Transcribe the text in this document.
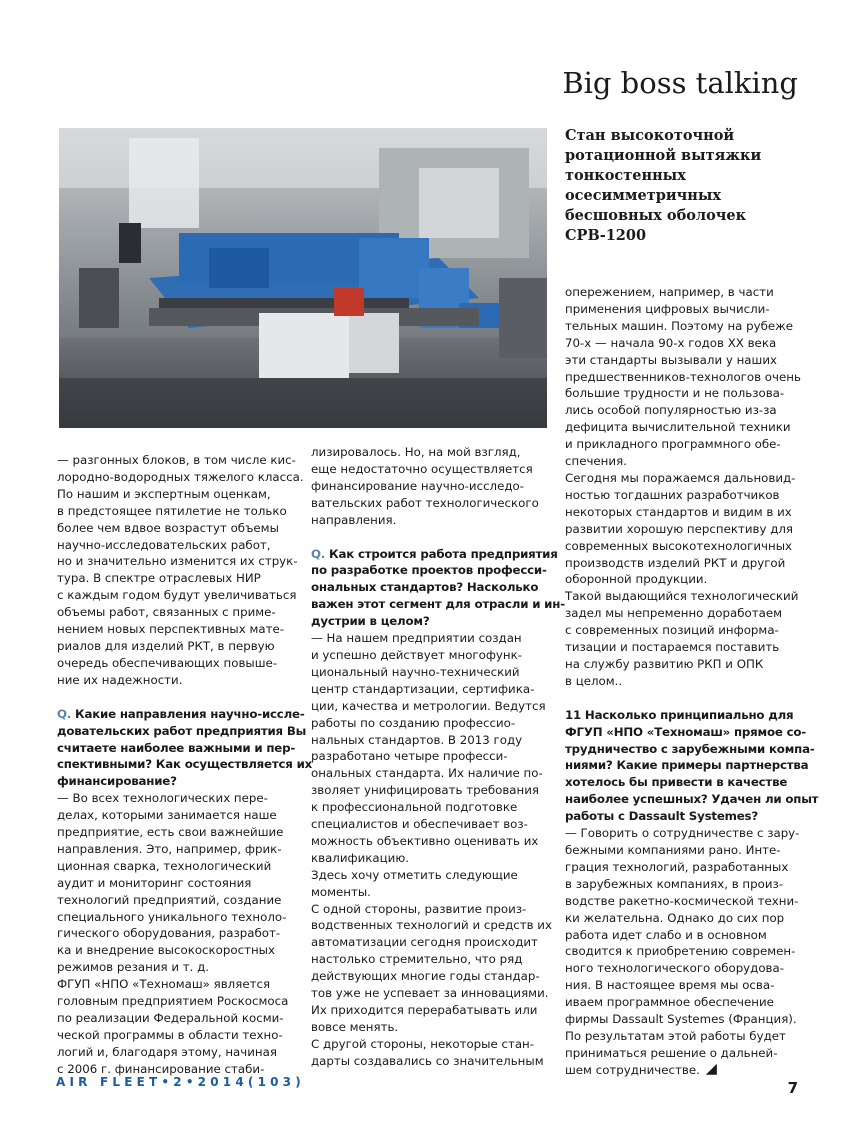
Big boss talking
Стан высокоточной
ротационной вытяжки
тонкостенных
осесимметричных
бесшовных оболочек
СРВ-1200

— разгонных блоков, в том числе кис-

лородно-водородных тяжелого класса.

По нашим и экспертным оценкам,

в предстоящее пятилетие не только

более чем вдвое возрастут объемы

научно-исследовательских работ,

но и значительно изменится их струк-

тура. В спектре отраслевых НИР

с каждым годом будут увеличиваться

объемы работ, связанных с приме-

нением новых перспективных мате-

риалов для изделий РКТ, в первую

очередь обеспечивающих повыше-

ние их надежности.

Q. Какие направления научно-иссле-

довательских работ предприятия Вы

считаете наиболее важными и пер-

спективными? Как осуществляется их

финансирование?

— Во всех технологических пере-

делах, которыми занимается наше

предприятие, есть свои важнейшие

направления. Это, например, фрик-

ционная сварка, технологический

аудит и мониторинг состояния

технологий предприятий, создание

специального уникального техноло-

гического оборудования, разработ-

ка и внедрение высокоскоростных

режимов резания и т. д.

ФГУП «НПО «Техномаш» является

головным предприятием Роскосмоса

по реализации Федеральной косми-

ческой программы в области техно-

логий и, благодаря этому, начиная

с 2006 г. финансирование стаби-

лизировалось. Но, на мой взгляд,

еще недостаточно осуществляется

финансирование научно-исследо-

вательских работ технологического

направления.

Q. Как строится работа предприятия

по разработке проектов професси-

ональных стандартов? Насколько

важен этот сегмент для отрасли и ин-

дустрии в целом?

— На нашем предприятии создан

и успешно действует многофунк-

циональный научно-технический

центр стандартизации, сертифика-

ции, качества и метрологии. Ведутся

работы по созданию профессио-

нальных стандартов. В 2013 году

разработано четыре професси-

ональных стандарта. Их наличие по-

зволяет унифицировать требования

к профессиональной подготовке

специалистов и обеспечивает воз-

можность объективно оценивать их

квалификацию.

Здесь хочу отметить следующие

моменты.

С одной стороны, развитие произ-

водственных технологий и средств их

автоматизации сегодня происходит

настолько стремительно, что ряд

действующих многие годы стандар-

тов уже не успевает за инновациями.

Их приходится перерабатывать или

вовсе менять.

С другой стороны, некоторые стан-

дарты создавались со значительным

опережением, например, в части

применения цифровых вычисли-

тельных машин. Поэтому на рубеже

70-х — начала 90-х годов XX века

эти стандарты вызывали у наших

предшественников-технологов очень

большие трудности и не пользова-

лись особой популярностью из-за

дефицита вычислительной техники

и прикладного программного обе-

спечения.

Сегодня мы поражаемся дальновид-

ностью тогдашних разработчиков

некоторых стандартов и видим в их

развитии хорошую перспективу для

современных высокотехнологичных

производств изделий РКТ и другой

оборонной продукции.

Такой выдающийся технологический

задел мы непременно доработаем

с современных позиций информа-

тизации и постараемся поставить

на службу развитию РКП и ОПК

в целом..

11 Насколько принципиально для

ФГУП «НПО «Техномаш» прямое со-

трудничество с зарубежными компа-

ниями? Какие примеры партнерства

хотелось бы привести в качестве

наиболее успешных? Удачен ли опыт

работы с Dassault Systemes?

— Говорить о сотрудничестве с зару-

бежными компаниями рано. Инте-

грация технологий, разработанных

в зарубежных компаниях, в произ-

водстве ракетно-космической техни-

ки желательна. Однако до сих пор

работа идет слабо и в основном

сводится к приобретению современ-

ного технологического оборудова-

ния. В настоящее время мы осва-

иваем программное обеспечение

фирмы Dassault Systemes (Франция).

По результатам этой работы будет

приниматься решение о дальней-

шем сотрудничестве.

AIR FLEET•2•2014(103)	7
